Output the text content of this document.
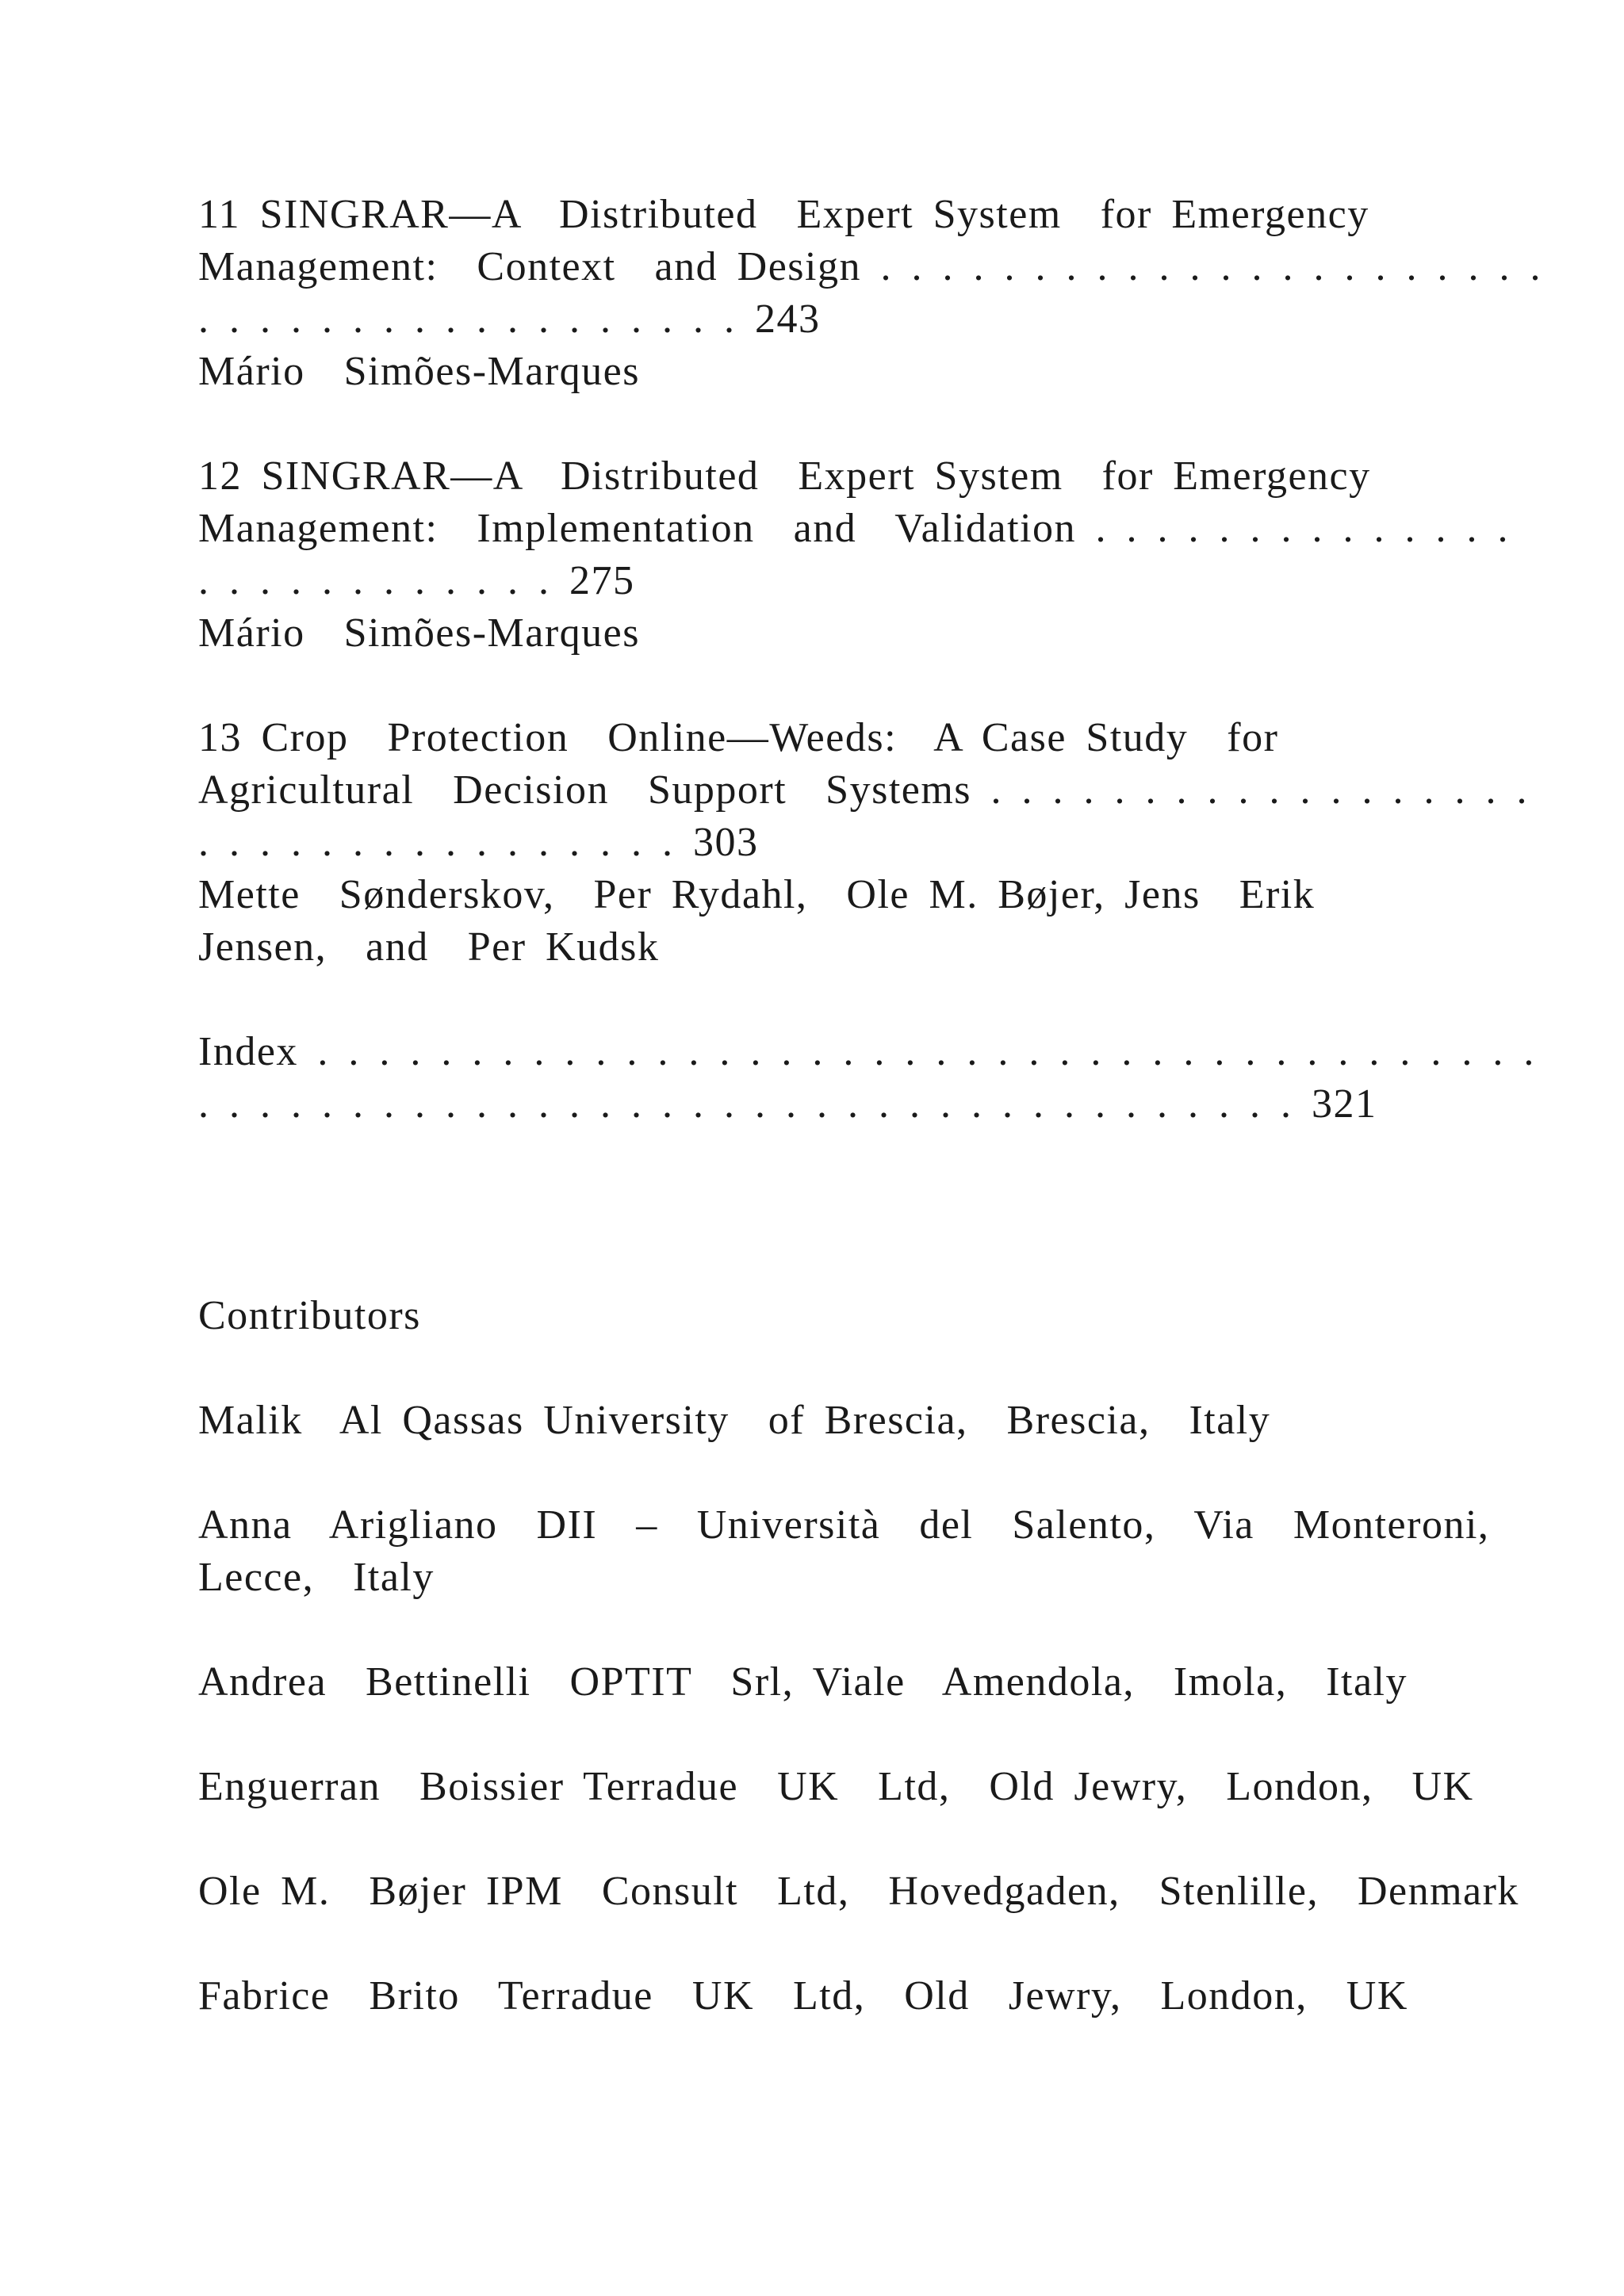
11 SINGRAR—A  Distributed  Expert System  for Emergency
Management:  Context  and Design . . . . . . . . . . . . . . . . . . . . . .
. . . . . . . . . . . . . . . . . . 243
Mário  Simões-Marques
12 SINGRAR—A  Distributed  Expert System  for Emergency
Management:  Implementation  and  Validation . . . . . . . . . . . . . .
. . . . . . . . . . . . 275
Mário  Simões-Marques
13 Crop  Protection  Online—Weeds:  A Case Study  for
Agricultural  Decision  Support  Systems . . . . . . . . . . . . . . . . . .
. . . . . . . . . . . . . . . . 303
Mette  Sønderskov,  Per Rydahl,  Ole M. Bøjer, Jens  Erik
Jensen,  and  Per Kudsk
Index . . . . . . . . . . . . . . . . . . . . . . . . . . . . . . . . . . . . . . . .
. . . . . . . . . . . . . . . . . . . . . . . . . . . . . . . . . . . . 321
Contributors
Malik  Al Qassas University  of Brescia,  Brescia,  Italy
Anna  Arigliano  DII  –  Università  del  Salento,  Via  Monteroni,
Lecce,  Italy
Andrea  Bettinelli  OPTIT  Srl, Viale  Amendola,  Imola,  Italy
Enguerran  Boissier Terradue  UK  Ltd,  Old Jewry,  London,  UK
Ole M.  Bøjer IPM  Consult  Ltd,  Hovedgaden,  Stenlille,  Denmark
Fabrice  Brito  Terradue  UK  Ltd,  Old  Jewry,  London,  UK
